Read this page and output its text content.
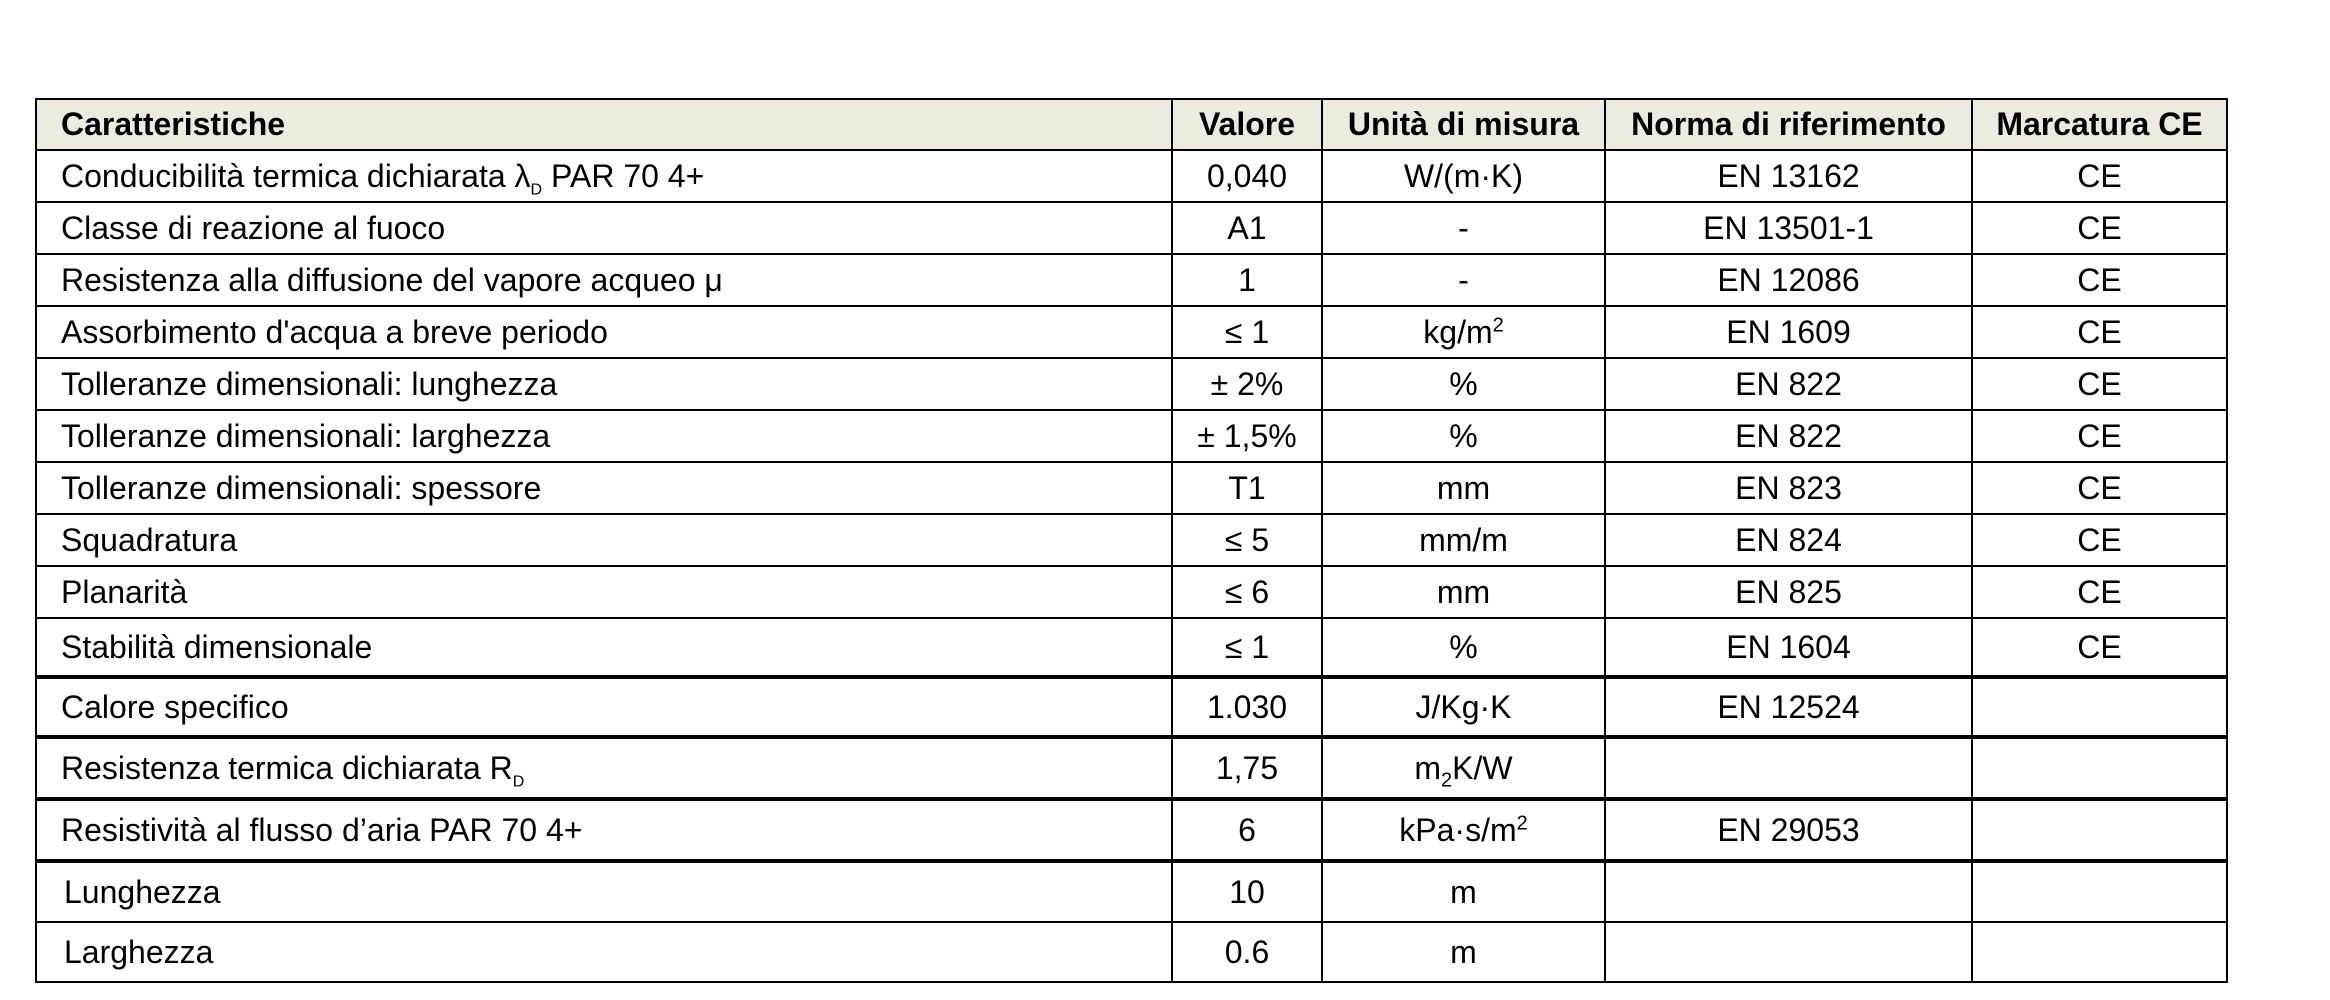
Caratteristiche	Valore	Unità di misura	Norma di riferimento	Marcatura CE
Conducibilità termica dichiarata $\lambda_D$ PAR 70 4+	0,040	W/(m·K)	EN 13162	CE
Classe di reazione al fuoco	A1	-	EN 13501-1	CE
Resistenza alla diffusione del vapore acqueo μ	1	-	EN 12086	CE
Assorbimento d'acqua a breve periodo	≤ 1	$kg/m^2$	EN 1609	CE
Tolleranze dimensionali: lunghezza	± 2%	%	EN 822	CE
Tolleranze dimensionali: larghezza	± 1,5%	%	EN 822	CE
Tolleranze dimensionali: spessore	T1	mm	EN 823	CE
Squadratura	≤ 5	mm/m	EN 824	CE
Planarità	≤ 6	mm	EN 825	CE
Stabilità dimensionale	≤ 1	%	EN 1604	CE
Calore specifico	1.030	J/Kg·K	EN 12524	
Resistenza termica dichiarata $R_D$	1,75	$m_2K/W$		
Resistività al flusso d’aria PAR 70 4+	6	$kPa\cdot s/m^2$	EN 29053	
Lunghezza	10	m		
Larghezza	0.6	m		
